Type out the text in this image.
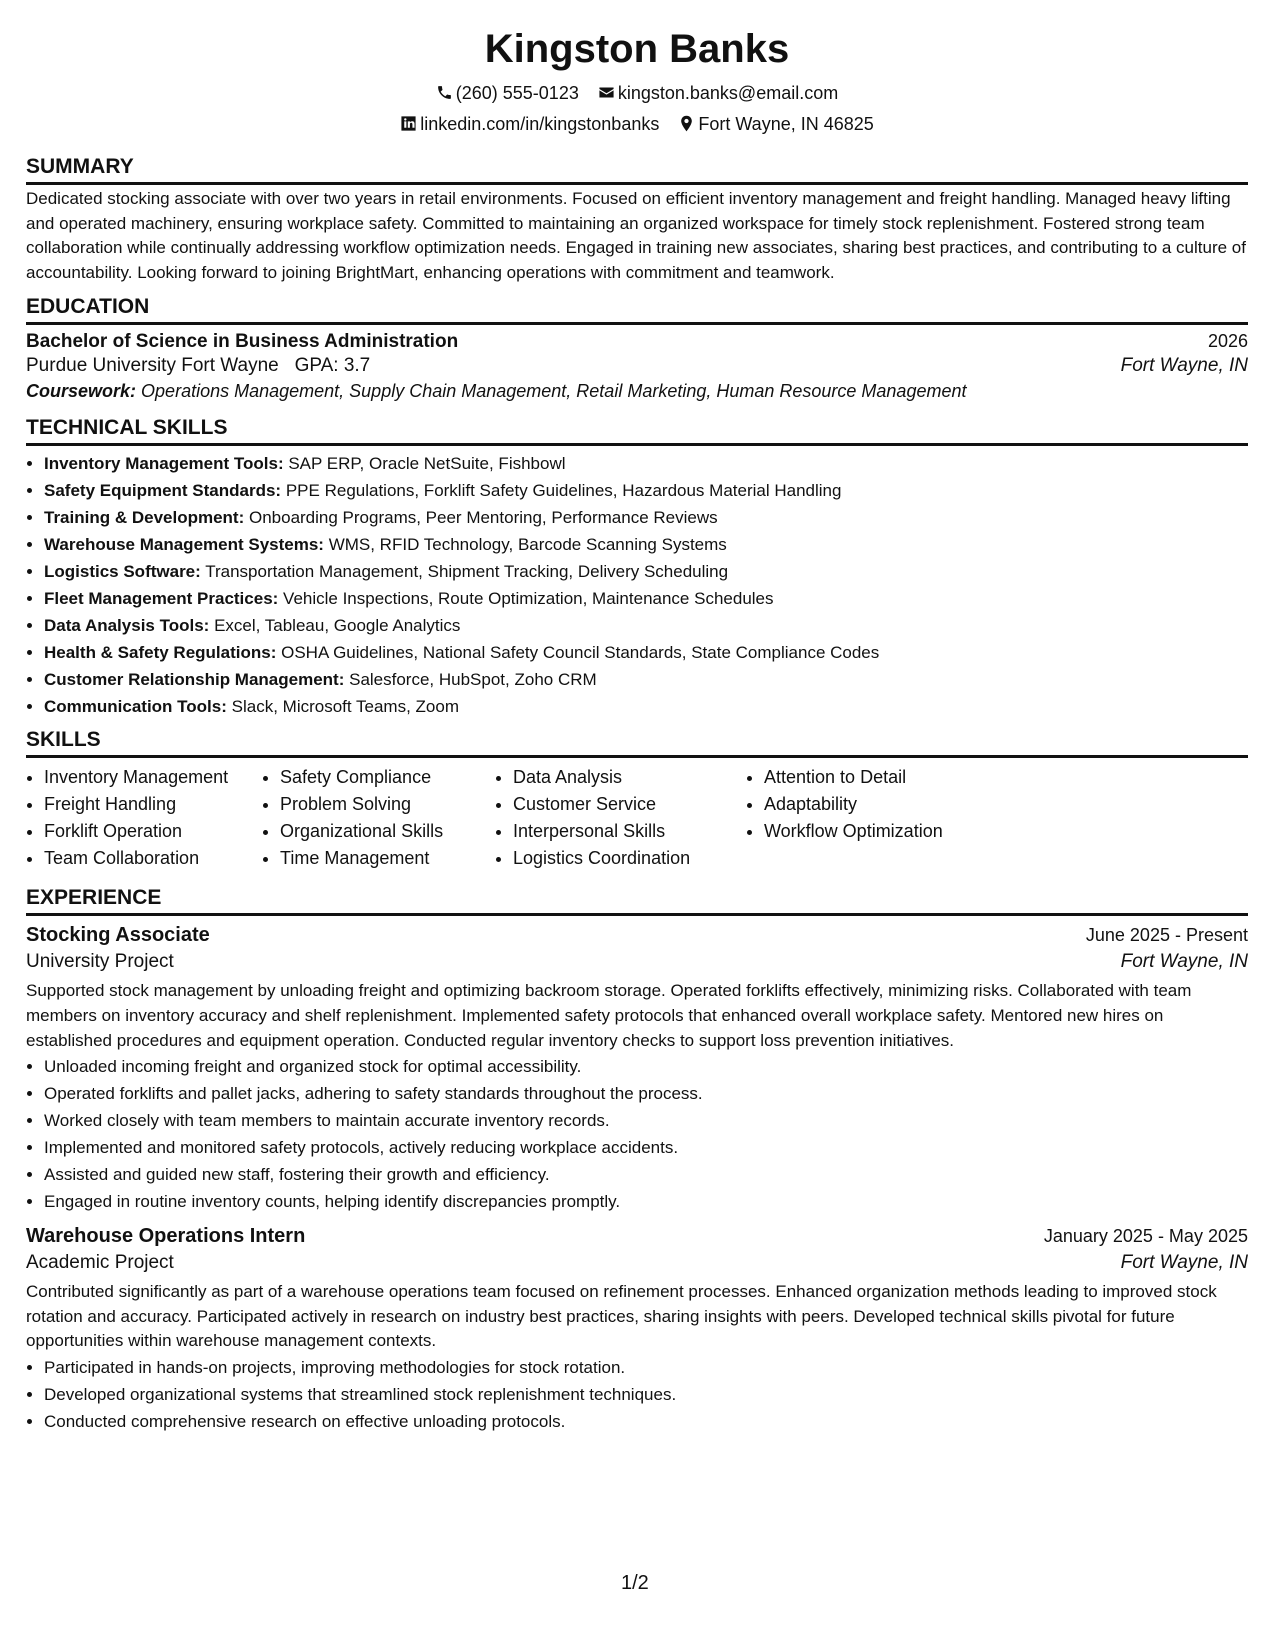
Kingston Banks
(260) 555-0123 kingston.banks@email.com
linkedin.com/in/kingstonbanks Fort Wayne, IN 46825
SUMMARY

Dedicated stocking associate with over two years in retail environments. Focused on efficient inventory management and freight handling. Managed heavy lifting and operated machinery, ensuring workplace safety. Committed to maintaining an organized workspace for timely stock replenishment. Fostered strong team collaboration while continually addressing workflow optimization needs. Engaged in training new associates, sharing best practices, and contributing to a culture of accountability. Looking forward to joining BrightMart, enhancing operations with commitment and teamwork.

EDUCATION
Bachelor of Science in Business Administration	2026
Purdue University Fort Wayne GPA: 3.7	Fort Wayne, IN
Coursework: Operations Management, Supply Chain Management, Retail Marketing, Human Resource Management
TECHNICAL SKILLS
• Inventory Management Tools: SAP ERP, Oracle NetSuite, Fishbowl
• Safety Equipment Standards: PPE Regulations, Forklift Safety Guidelines, Hazardous Material Handling
• Training & Development: Onboarding Programs, Peer Mentoring, Performance Reviews
• Warehouse Management Systems: WMS, RFID Technology, Barcode Scanning Systems
• Logistics Software: Transportation Management, Shipment Tracking, Delivery Scheduling
• Fleet Management Practices: Vehicle Inspections, Route Optimization, Maintenance Schedules
• Data Analysis Tools: Excel, Tableau, Google Analytics
• Health & Safety Regulations: OSHA Guidelines, National Safety Council Standards, State Compliance Codes
• Customer Relationship Management: Salesforce, HubSpot, Zoho CRM
• Communication Tools: Slack, Microsoft Teams, Zoom
SKILLS
• Inventory Management
• Freight Handling
• Forklift Operation
• Team Collaboration
• Safety Compliance
• Problem Solving
• Organizational Skills
• Time Management
• Data Analysis
• Customer Service
• Interpersonal Skills
• Logistics Coordination
• Attention to Detail
• Adaptability
• Workflow Optimization
EXPERIENCE
Stocking Associate	June 2025 - Present
University Project	Fort Wayne, IN

Supported stock management by unloading freight and optimizing backroom storage. Operated forklifts effectively, minimizing risks. Collaborated with team members on inventory accuracy and shelf replenishment. Implemented safety protocols that enhanced overall workplace safety. Mentored new hires on established procedures and equipment operation. Conducted regular inventory checks to support loss prevention initiatives.

• Unloaded incoming freight and organized stock for optimal accessibility.
• Operated forklifts and pallet jacks, adhering to safety standards throughout the process.
• Worked closely with team members to maintain accurate inventory records.
• Implemented and monitored safety protocols, actively reducing workplace accidents.
• Assisted and guided new staff, fostering their growth and efficiency.
• Engaged in routine inventory counts, helping identify discrepancies promptly.
Warehouse Operations Intern	January 2025 - May 2025
Academic Project	Fort Wayne, IN

Contributed significantly as part of a warehouse operations team focused on refinement processes. Enhanced organization methods leading to improved stock rotation and accuracy. Participated actively in research on industry best practices, sharing insights with peers. Developed technical skills pivotal for future opportunities within warehouse management contexts.

• Participated in hands-on projects, improving methodologies for stock rotation.
• Developed organizational systems that streamlined stock replenishment techniques.
• Conducted comprehensive research on effective unloading protocols.
1/2
